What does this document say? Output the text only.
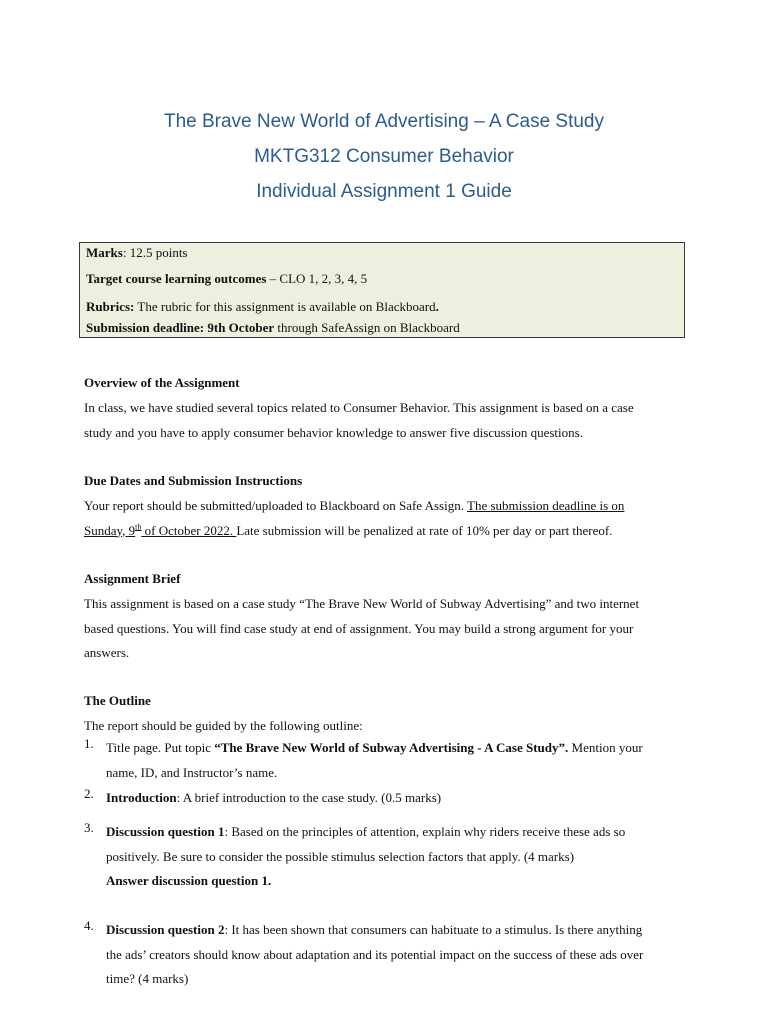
The Brave New World of Advertising – A Case Study
MKTG312 Consumer Behavior
Individual Assignment 1 Guide
Marks: 12.5 points
Target course learning outcomes – CLO 1, 2, 3, 4, 5
Rubrics: The rubric for this assignment is available on Blackboard.
Submission deadline: 9th October through SafeAssign on Blackboard
Overview of the Assignment
In class, we have studied several topics related to Consumer Behavior. This assignment is based on a case
study and you have to apply consumer behavior knowledge to answer five discussion questions.
Due Dates and Submission Instructions
Your report should be submitted/uploaded to Blackboard on Safe Assign. The submission deadline is on
Sunday, 9th of October 2022. Late submission will be penalized at rate of 10% per day or part thereof.
Assignment Brief
This assignment is based on a case study “The Brave New World of Subway Advertising” and two internet
based questions. You will find case study at end of assignment. You may build a strong argument for your
answers.
The Outline
The report should be guided by the following outline:
1. Title page. Put topic “The Brave New World of Subway Advertising - A Case Study”. Mention your
name, ID, and Instructor’s name.
2. Introduction: A brief introduction to the case study. (0.5 marks)
3. Discussion question 1: Based on the principles of attention, explain why riders receive these ads so
positively. Be sure to consider the possible stimulus selection factors that apply. (4 marks)
Answer discussion question 1.
4. Discussion question 2: It has been shown that consumers can habituate to a stimulus. Is there anything
the ads’ creators should know about adaptation and its potential impact on the success of these ads over
time? (4 marks)
